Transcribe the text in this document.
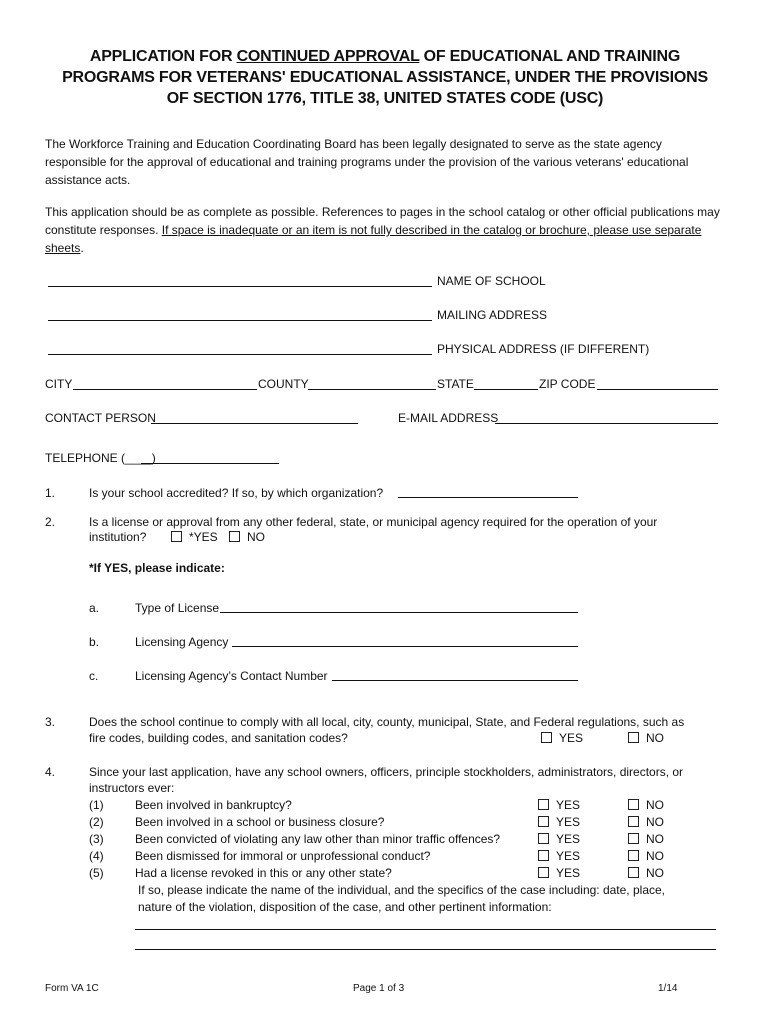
APPLICATION FOR CONTINUED APPROVAL OF EDUCATIONAL AND TRAINING
PROGRAMS FOR VETERANS' EDUCATIONAL ASSISTANCE, UNDER THE PROVISIONS
OF SECTION 1776, TITLE 38, UNITED STATES CODE (USC)
The Workforce Training and Education Coordinating Board has been legally designated to serve as the state agency responsible for the approval of educational and training programs under the provision of the various veterans' educational assistance acts.
This application should be as complete as possible. References to pages in the school catalog or other official publications may constitute responses. If space is inadequate or an item is not fully described in the catalog or brochure, please use separate sheets.
NAME OF SCHOOL
MAILING ADDRESS
PHYSICAL ADDRESS (IF DIFFERENT)
CITY	COUNTY	STATE	ZIP CODE
CONTACT PERSON	E-MAIL ADDRESS
TELEPHONE (____)
1.	Is your school accredited? If so, by which organization?
2.	Is a license or approval from any other federal, state, or municipal agency required for the operation of your
institution?	*YES	NO
*If YES, please indicate:
a.	Type of License
b.	Licensing Agency
c.	Licensing Agency’s Contact Number
3.	Does the school continue to comply with all local, city, county, municipal, State, and Federal regulations, such as
fire codes, building codes, and sanitation codes?	YES	NO
4.	Since your last application, have any school owners, officers, principle stockholders, administrators, directors, or
instructors ever:
(1)	Been involved in bankruptcy?	YES	NO
(2)	Been involved in a school or business closure?	YES	NO
(3)	Been convicted of violating any law other than minor traffic offences?	YES	NO
(4)	Been dismissed for immoral or unprofessional conduct?	YES	NO
(5)	Had a license revoked in this or any other state?	YES	NO
If so, please indicate the name of the individual, and the specifics of the case including: date, place,
nature of the violation, disposition of the case, and other pertinent information:
Form VA 1C	Page 1 of 3	1/14
